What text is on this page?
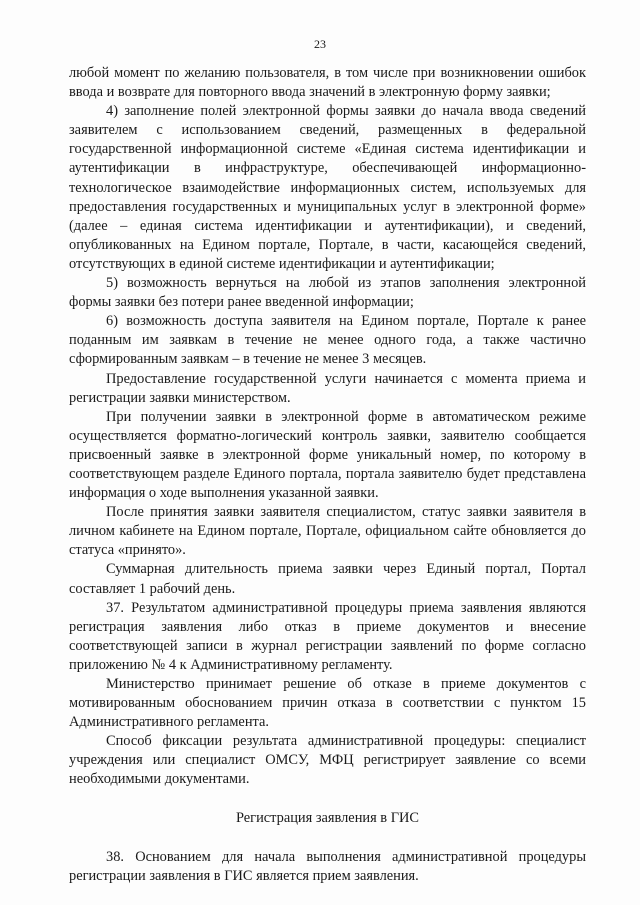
23

любой момент по желанию пользователя, в том числе при возникновении ошибок ввода и возврате для повторного ввода значений в электронную форму заявки;

4) заполнение полей электронной формы заявки до начала ввода сведений заявителем с использованием сведений, размещенных в федеральной государственной информационной системе «Единая система идентификации и аутентификации в инфраструктуре, обеспечивающей информационно-технологическое взаимодействие информационных систем, используемых для предоставления государственных и муниципальных услуг в электронной форме» (далее – единая система идентификации и аутентификации), и сведений, опубликованных на Едином портале, Портале, в части, касающейся сведений, отсутствующих в единой системе идентификации и аутентификации;

5) возможность вернуться на любой из этапов заполнения электронной формы заявки без потери ранее введенной информации;

6) возможность доступа заявителя на Едином портале, Портале к ранее поданным им заявкам в течение не менее одного года, а также частично сформированным заявкам – в течение не менее 3 месяцев.

Предоставление государственной услуги начинается с момента приема и регистрации заявки министерством.

При получении заявки в электронной форме в автоматическом режиме осуществляется форматно-логический контроль заявки, заявителю сообщается присвоенный заявке в электронной форме уникальный номер, по которому в соответствующем разделе Единого портала, портала заявителю будет представлена информация о ходе выполнения указанной заявки.

После принятия заявки заявителя специалистом, статус заявки заявителя в личном кабинете на Едином портале, Портале, официальном сайте обновляется до статуса «принято».

Суммарная длительность приема заявки через Единый портал, Портал составляет 1 рабочий день.

37. Результатом административной процедуры приема заявления являются регистрация заявления либо отказ в приеме документов и внесение соответствующей записи в журнал регистрации заявлений по форме согласно приложению № 4 к Административному регламенту.

Министерство принимает решение об отказе в приеме документов с мотивированным обоснованием причин отказа в соответствии с пунктом 15 Административного регламента.

Способ фиксации результата административной процедуры: специалист учреждения или специалист ОМСУ, МФЦ регистрирует заявление со всеми необходимыми документами.

Регистрация заявления в ГИС

38. Основанием для начала выполнения административной процедуры регистрации заявления в ГИС является прием заявления.
